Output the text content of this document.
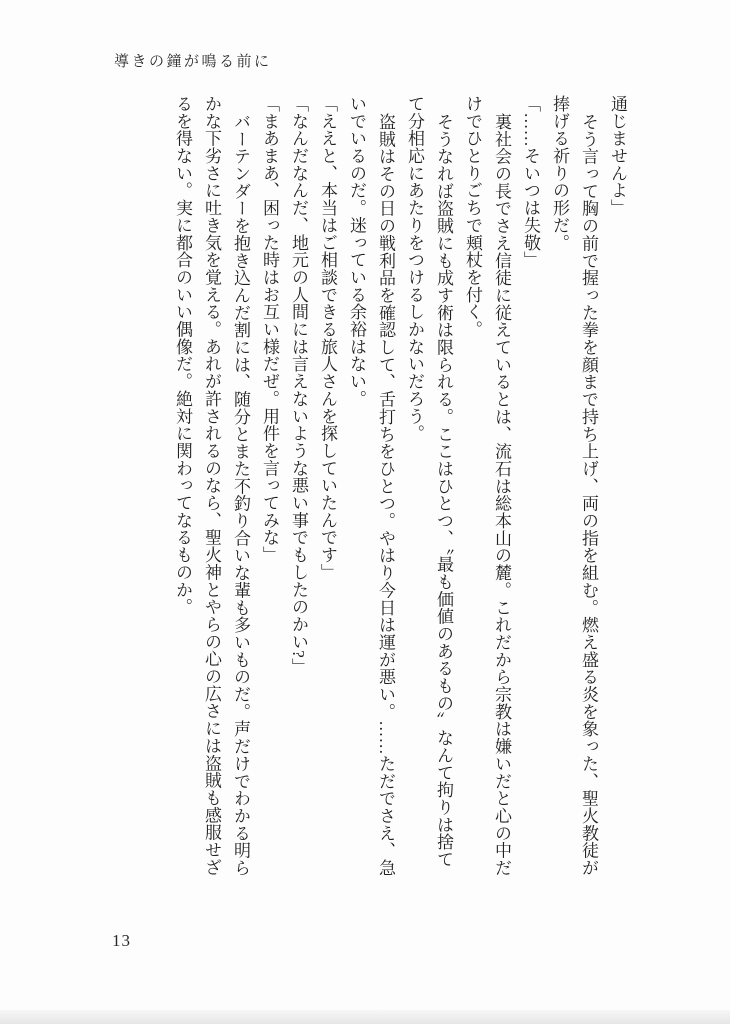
導きの鐘が鳴る前に
通じませんよ」
そう言って胸の前で握った拳を顔まで持ち上げ、両の指を組む。燃え盛る炎を象った、聖火教徒が
捧げる祈りの形だ。
「……そいつは失敬」
裏社会の長でさえ信徒に従えているとは、流石は総本山の麓。これだから宗教は嫌いだと心の中だ
けでひとりごちで頬杖を付く。
そうなれば盗賊にも成す術は限られる。ここはひとつ、〝最も価値のあるもの〟なんて拘りは捨て
て分相応にあたりをつけるしかないだろう。
盗賊はその日の戦利品を確認して、舌打ちをひとつ。やはり今日は運が悪い。……ただでさえ、急
いでいるのだ。迷っている余裕はない。
「ええと、本当はご相談できる旅人さんを探していたんです」
「なんだなんだ、地元の人間には言えないような悪い事でもしたのかい?」
「まあまあ、困った時はお互い様だぜ。用件を言ってみな」
バーテンダーを抱き込んだ割には、随分とまた不釣り合いな輩も多いものだ。声だけでわかる明ら
かな下劣さに吐き気を覚える。あれが許されるのなら、聖火神とやらの心の広さには盗賊も感服せざ
るを得ない。実に都合のいい偶像だ。絶対に関わってなるものか。
13
